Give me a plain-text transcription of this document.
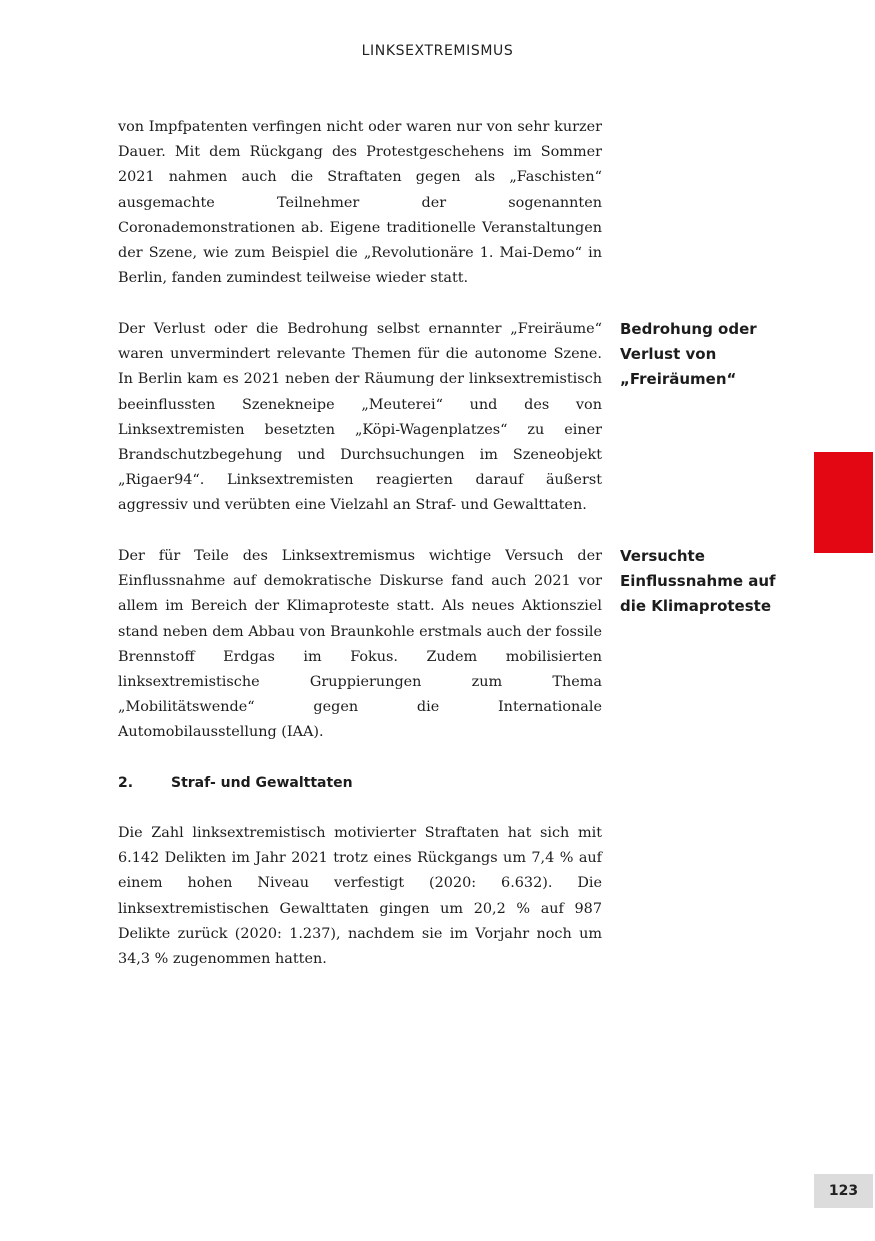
LINKSEXTREMISMUS

von Impfpatenten verfingen nicht oder waren nur von sehr kurzer Dauer. Mit dem Rückgang des Protestgeschehens im Sommer 2021 nahmen auch die Straftaten gegen als „Faschisten“ ausgemachte Teilnehmer der sogenannten Coronademonstrationen ab. Eigene traditionelle Veranstaltungen der Szene, wie zum Beispiel die „Revolutionäre 1. Mai-Demo“ in Berlin, fanden zumindest teilweise wieder statt.

Der Verlust oder die Bedrohung selbst ernannter „Freiräume“ waren unvermindert relevante Themen für die autonome Szene. In Berlin kam es 2021 neben der Räumung der linksextremistisch beeinflussten Szenekneipe „Meuterei“ und des von Linksextremisten besetzten „Köpi-Wagenplatzes“ zu einer Brandschutzbegehung und Durchsuchungen im Szeneobjekt „Rigaer94“. Linksextremisten reagierten darauf äußerst aggressiv und verübten eine Vielzahl an Straf- und Gewalttaten.

Bedrohung oder Verlust von „Freiräumen“

Der für Teile des Linksextremismus wichtige Versuch der Einflussnahme auf demokratische Diskurse fand auch 2021 vor allem im Bereich der Klimaproteste statt. Als neues Aktionsziel stand neben dem Abbau von Braunkohle erstmals auch der fossile Brennstoff Erdgas im Fokus. Zudem mobilisierten linksextremistische Gruppierungen zum Thema „Mobilitätswende“ gegen die Internationale Automobilausstellung (IAA).

Versuchte Einflussnahme auf die Klimaproteste

2.	Straf- und Gewalttaten

Die Zahl linksextremistisch motivierter Straftaten hat sich mit 6.142 Delikten im Jahr 2021 trotz eines Rückgangs um 7,4 % auf einem hohen Niveau verfestigt (2020: 6.632). Die linksextremistischen Gewalttaten gingen um 20,2 % auf 987 Delikte zurück (2020: 1.237), nachdem sie im Vorjahr noch um 34,3 % zugenommen hatten.

123
